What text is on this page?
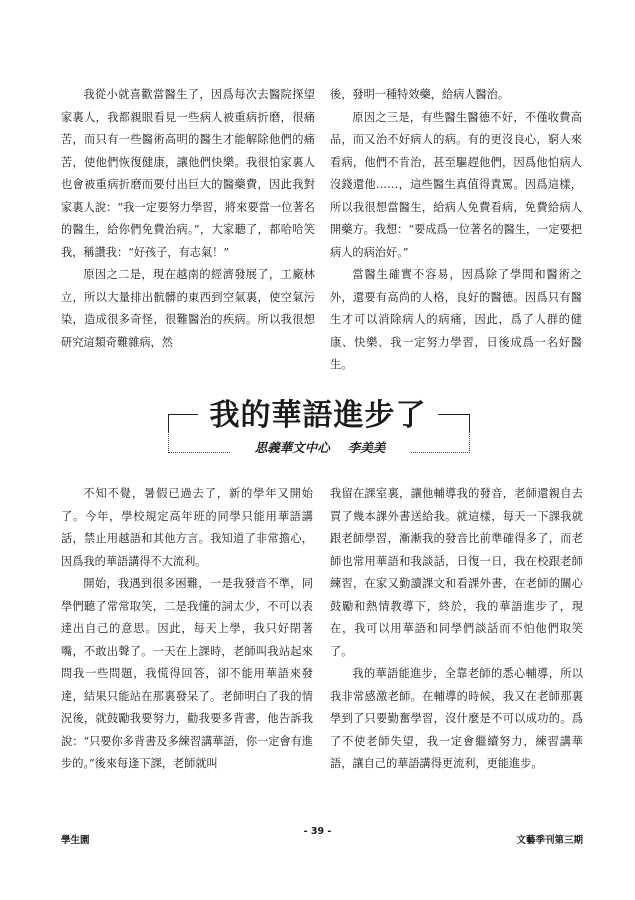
我從小就喜歡當醫生了，因爲每次去醫院探望家裏人，我都親眼看見一些病人被重病折磨，很痛苦，而只有一些醫術高明的醫生才能解除他們的痛苦，使他們恢復健康，讓他們快樂。我很怕家裏人也會被重病折磨而要付出巨大的醫藥費，因此我對家裏人說：“我一定要努力學習，將來要當一位著名的醫生，給你們免費治病。”，大家聽了，都哈哈笑我，稱讚我：“好孩子，有志氣！”

原因之二是，現在越南的經濟發展了，工廠林立，所以大量排出骯髒的東西到空氣裏，使空氣污染，造成很多奇怪，很難醫治的疾病。所以我很想研究這類奇難雜病，然

後，發明一種特效藥，給病人醫治。

原因之三是，有些醫生醫德不好，不僅收費高品，而又治不好病人的病。有的更沒良心，窮人來看病，他們不肯治，甚至驅趕他們，因爲他怕病人沒錢還他……，這些醫生真值得責罵。因爲這樣，所以我很想當醫生，給病人免費看病，免費給病人開藥方。我想：“要成爲一位著名的醫生，一定要把病人的病治好。”

當醫生確實不容易，因爲除了學問和醫術之外，還要有高尚的人格，良好的醫德。因爲只有醫生才可以消除病人的病痛，因此，爲了人群的健康、快樂、我一定努力學習，日後成爲一名好醫生。

我的華語進步了
思義華文中心 李美美

不知不覺，暑假已過去了，新的學年又開始了。今年，學校規定高年班的同學只能用華語講話，禁止用越語和其他方言。我知道了非常擔心，因爲我的華語講得不大流利。

開始，我遇到很多困難，一是我發音不準，同學們聽了常常取笑，二是我懂的詞太少，不可以表達出自己的意思。因此，每天上學，我只好閉著嘴，不敢出聲了。一天在上課時，老師叫我站起來問我一些問題，我慌得回答，卻不能用華語來發達，結果只能站在那裏發呆了。老師明白了我的情況後，就鼓勵我要努力，勸我要多背書，他告訴我說：“只要你多背書及多練習講華語，你一定會有進步的。”後來每逢下課，老師就叫

我留在課室裏，讓他輔導我的發音，老師還親自去買了幾本課外書送給我。就這樣，每天一下課我就跟老師學習，漸漸我的發音比前準確得多了，而老師也常用華語和我談話，日復一日，我在校跟老師練習，在家又勤讀課文和看課外書，在老師的關心鼓勵和熱情教導下，終於，我的華語進步了，現在，我可以用華語和同學們談話而不怕他們取笑了。

我的華語能進步，全靠老師的悉心輔導，所以我非常感激老師。在輔導的時候，我又在老師那裏學到了只要勤奮學習，沒什麼是不可以成功的。爲了不使老師失望，我一定會繼續努力，練習講華語，讓自己的華語講得更流利，更能進步。

學生園
- 39 -
文藝季刊第三期
